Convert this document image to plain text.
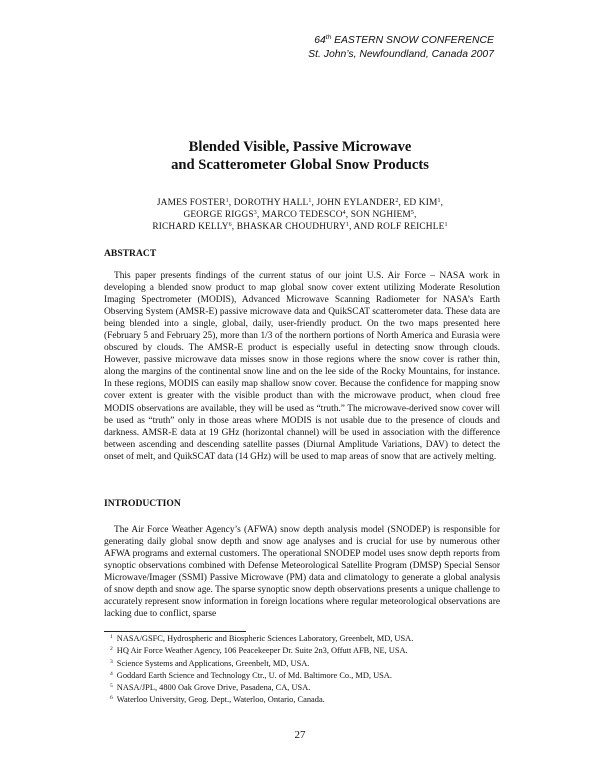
64th EASTERN SNOW CONFERENCE

St. John’s, Newfoundland, Canada 2007

Blended Visible, Passive Microwave

and Scatterometer Global Snow Products

JAMES FOSTER$^1$, DOROTHY HALL$^1$, JOHN EYLANDER$^2$, ED KIM$^1$,

GEORGE RIGGS$^3$, MARCO TEDESCO$^4$, SON NGHIEM$^5$,

RICHARD KELLY$^6$, BHASKAR CHOUDHURY$^1$, AND ROLF REICHLE$^1$

ABSTRACT

This paper presents findings of the current status of our joint U.S. Air Force – NASA work in developing a blended snow product to map global snow cover extent utilizing Moderate Resolution Imaging Spectrometer (MODIS), Advanced Microwave Scanning Radiometer for NASA’s Earth Observing System (AMSR-E) passive microwave data and QuikSCAT scatterometer data. These data are being blended into a single, global, daily, user-friendly product. On the two maps presented here (February 5 and February 25), more than 1/3 of the northern portions of North America and Eurasia were obscured by clouds. The AMSR-E product is especially useful in detecting snow through clouds. However, passive microwave data misses snow in those regions where the snow cover is rather thin, along the margins of the continental snow line and on the lee side of the Rocky Mountains, for instance. In these regions, MODIS can easily map shallow snow cover. Because the confidence for mapping snow cover extent is greater with the visible product than with the microwave product, when cloud free MODIS observations are available, they will be used as “truth.” The microwave-derived snow cover will be used as “truth” only in those areas where MODIS is not usable due to the presence of clouds and darkness. AMSR-E data at 19 GHz (horizontal channel) will be used in association with the difference between ascending and descending satellite passes (Diurnal Amplitude Variations, DAV) to detect the onset of melt, and QuikSCAT data (14 GHz) will be used to map areas of snow that are actively melting.

INTRODUCTION

The Air Force Weather Agency’s (AFWA) snow depth analysis model (SNODEP) is responsible for generating daily global snow depth and snow age analyses and is crucial for use by numerous other AFWA programs and external customers. The operational SNODEP model uses snow depth reports from synoptic observations combined with Defense Meteorological Satellite Program (DMSP) Special Sensor Microwave/Imager (SSMI) Passive Microwave (PM) data and climatology to generate a global analysis of snow depth and snow age. The sparse synoptic snow depth observations presents a unique challenge to accurately represent snow information in foreign locations where regular meteorological observations are lacking due to conflict, sparse

$^1$ NASA/GSFC, Hydrospheric and Biospheric Sciences Laboratory, Greenbelt, MD, USA.
$^2$ HQ Air Force Weather Agency, 106 Peacekeeper Dr. Suite 2n3, Offutt AFB, NE, USA.
$^3$ Science Systems and Applications, Greenbelt, MD, USA.
$^4$ Goddard Earth Science and Technology Ctr., U. of Md. Baltimore Co., MD, USA.
$^5$ NASA/JPL, 4800 Oak Grove Drive, Pasadena, CA, USA.
$^6$ Waterloo University, Geog. Dept., Waterloo, Ontario, Canada.
27
